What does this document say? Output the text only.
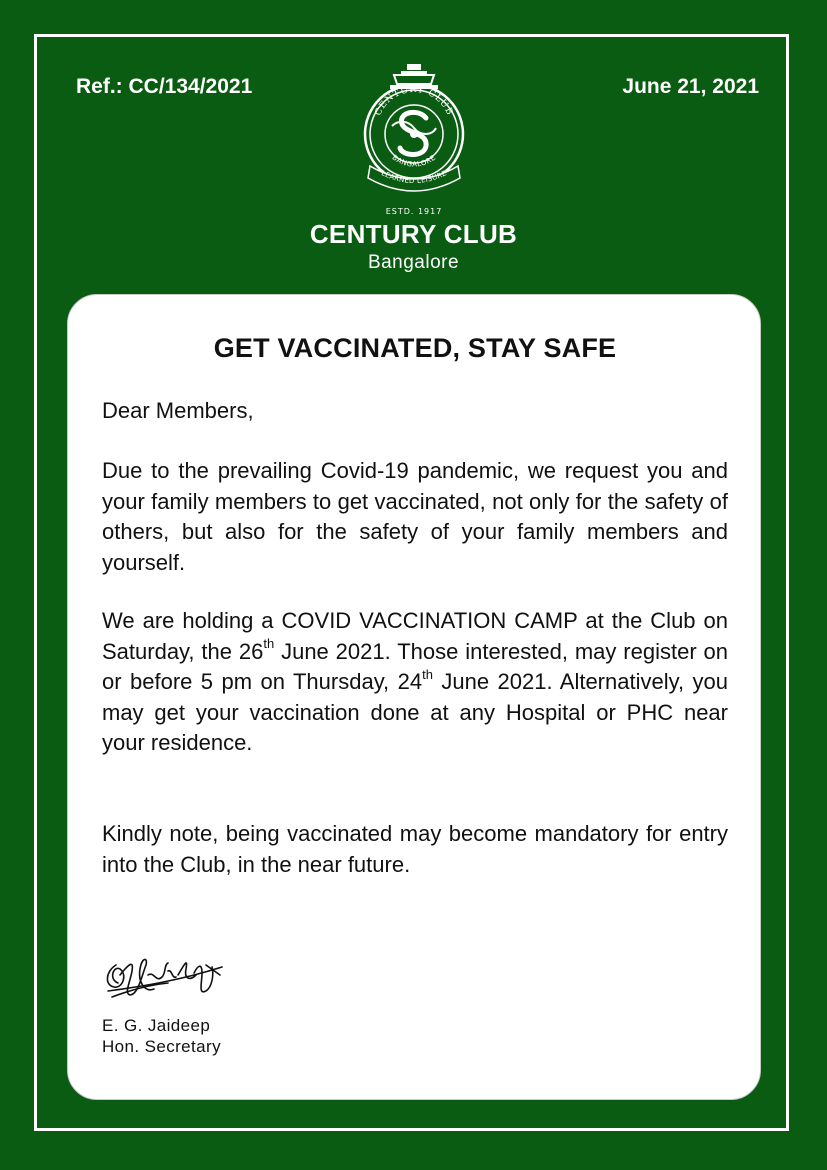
Ref.: CC/134/2021	June 21, 2021
CENTURY CLUB
BANGALORE
LEARNED LEISURE
ESTD. 1917
CENTURY CLUB
Bangalore
GET VACCINATED, STAY SAFE

Dear Members,

Due to the prevailing Covid-19 pandemic, we request you and your family members to get vaccinated, not only for the safety of others, but also for the safety of your family members and yourself.

We are holding a COVID VACCINATION CAMP at the Club on Saturday, the 26th June 2021. Those interested, may register on or before 5 pm on Thursday, 24th June 2021. Alternatively, you may get your vaccination done at any Hospital or PHC near your residence.

Kindly note, being vaccinated may become mandatory for entry into the Club, in the near future.

E. G. Jaideep
Hon. Secretary
